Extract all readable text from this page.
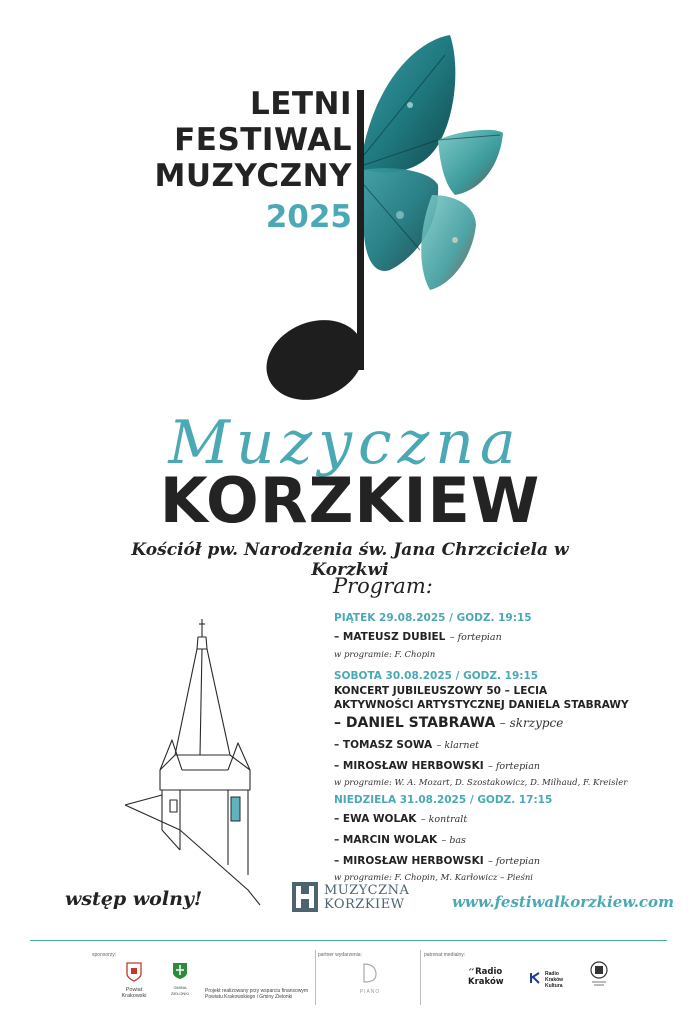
LETNI
FESTIWAL
MUZYCZNY
2025
Muzyczna
KORZKIEW
Kościół pw. Narodzenia św. Jana Chrzciciela w Korzkwi
Program:
PIĄTEK 29.08.2025 / GODZ. 19:15
– MATEUSZ DUBIEL – fortepian
w programie: F. Chopin
SOBOTA 30.08.2025 / GODZ. 19:15
KONCERT JUBILEUSZOWY 50 – LECIA
AKTYWNOŚCI ARTYSTYCZNEJ DANIELA STABRAWY
– DANIEL STABRAWA – skrzypce
– TOMASZ SOWA – klarnet
– MIROSŁAW HERBOWSKI – fortepian
w programie: W. A. Mozart, D. Szostakowicz, D. Milhaud, F. Kreisler
NIEDZIELA 31.08.2025 / GODZ. 17:15
– EWA WOLAK – kontralt
– MARCIN WOLAK – bas
– MIROSŁAW HERBOWSKI – fortepian
w programie: F. Chopin, M. Karłowicz – Pieśni
wstęp wolny!	MUZYCZNA
KORZKIEW	www.festiwalkorzkiew.com
sponsorzy:
Powiat Krakowski
GMINA
ZIELONKI	Projekt realizowany przy wsparciu finansowym
Powiatu Krakowskiego i Gminy Zielonki
partner wydarzenia:
PIANO
patronat medialny:
״Radio Kraków
Radio
Kraków
Kultura
